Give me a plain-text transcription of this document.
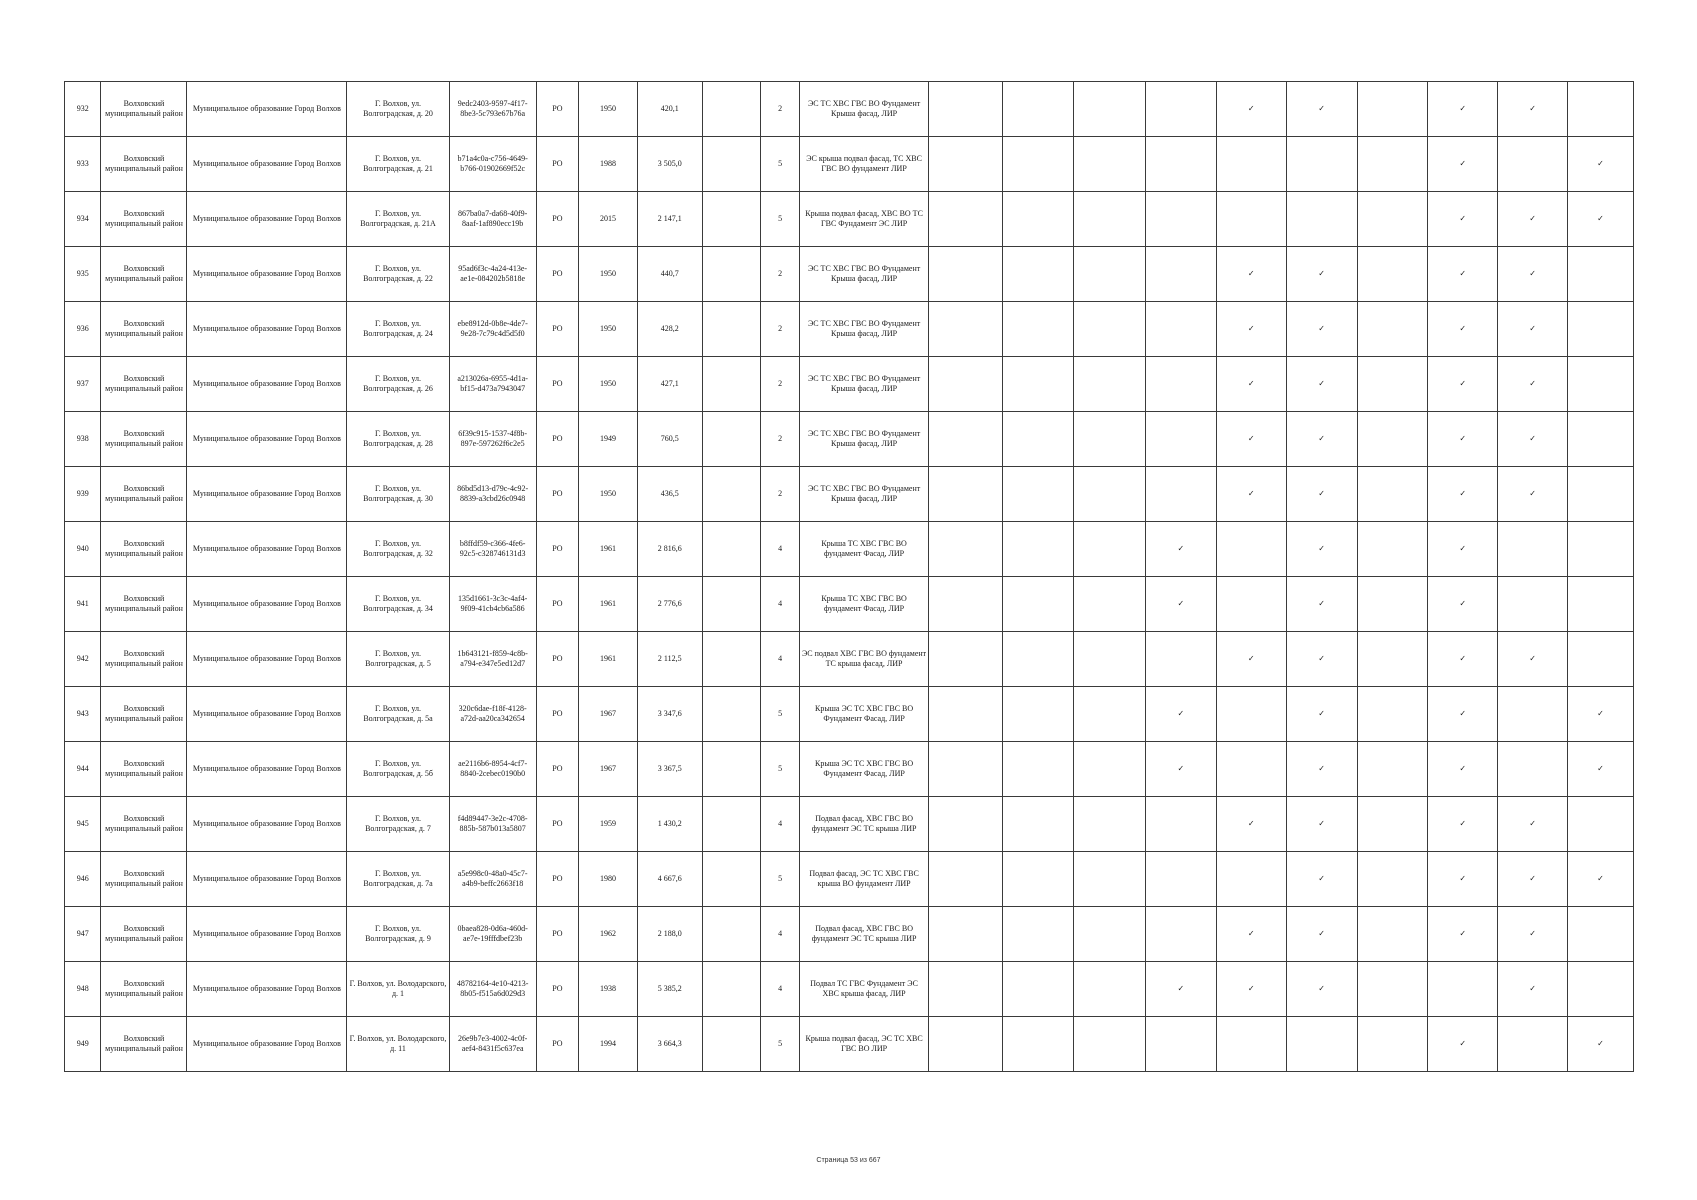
932	Волховский муниципальный район	Муниципальное образование Город Волхов	Г. Волхов, ул. Волгоградская, д. 20	9edc2403-9597-4f17-8be3-5c793e67b76a	РО	1950	420,1		2	ЭС ТС ХВС ГВС ВО Фундамент Крыша фасад, ЛИР					✓	✓		✓	✓	
933	Волховский муниципальный район	Муниципальное образование Город Волхов	Г. Волхов, ул. Волгоградская, д. 21	b71a4c0a-c756-4649-b766-01902669f52c	РО	1988	3 505,0		5	ЭС крыша подвал фасад, ТС ХВС ГВС ВО фундамент ЛИР								✓		✓
934	Волховский муниципальный район	Муниципальное образование Город Волхов	Г. Волхов, ул. Волгоградская, д. 21А	867ba0a7-da68-40f9-8aaf-1af890ecc19b	РО	2015	2 147,1		5	Крыша подвал фасад, ХВС ВО ТС ГВС Фундамент ЭС ЛИР								✓	✓	✓
935	Волховский муниципальный район	Муниципальное образование Город Волхов	Г. Волхов, ул. Волгоградская, д. 22	95ad6f3c-4a24-413e-ae1e-084202b5818e	РО	1950	440,7		2	ЭС ТС ХВС ГВС ВО Фундамент Крыша фасад, ЛИР					✓	✓		✓	✓	
936	Волховский муниципальный район	Муниципальное образование Город Волхов	Г. Волхов, ул. Волгоградская, д. 24	ebe8912d-0b8e-4de7-9e28-7c79c4d5d5f0	РО	1950	428,2		2	ЭС ТС ХВС ГВС ВО Фундамент Крыша фасад, ЛИР					✓	✓		✓	✓	
937	Волховский муниципальный район	Муниципальное образование Город Волхов	Г. Волхов, ул. Волгоградская, д. 26	a213026a-6955-4d1a-bf15-d473a7943047	РО	1950	427,1		2	ЭС ТС ХВС ГВС ВО Фундамент Крыша фасад, ЛИР					✓	✓		✓	✓	
938	Волховский муниципальный район	Муниципальное образование Город Волхов	Г. Волхов, ул. Волгоградская, д. 28	6f39c915-1537-4f8b-897e-597262f6c2e5	РО	1949	760,5		2	ЭС ТС ХВС ГВС ВО Фундамент Крыша фасад, ЛИР					✓	✓		✓	✓	
939	Волховский муниципальный район	Муниципальное образование Город Волхов	Г. Волхов, ул. Волгоградская, д. 30	86bd5d13-d79c-4c92-8839-a3cbd26c0948	РО	1950	436,5		2	ЭС ТС ХВС ГВС ВО Фундамент Крыша фасад, ЛИР					✓	✓		✓	✓	
940	Волховский муниципальный район	Муниципальное образование Город Волхов	Г. Волхов, ул. Волгоградская, д. 32	b8ffdf59-c366-4fe6-92c5-c328746131d3	РО	1961	2 816,6		4	Крыша ТС ХВС ГВС ВО фундамент Фасад, ЛИР				✓		✓		✓		
941	Волховский муниципальный район	Муниципальное образование Город Волхов	Г. Волхов, ул. Волгоградская, д. 34	135d1661-3c3c-4af4-9f09-41cb4cb6a586	РО	1961	2 776,6		4	Крыша ТС ХВС ГВС ВО фундамент Фасад, ЛИР				✓		✓		✓		
942	Волховский муниципальный район	Муниципальное образование Город Волхов	Г. Волхов, ул. Волгоградская, д. 5	1b643121-f859-4c8b-a794-e347e5ed12d7	РО	1961	2 112,5		4	ЭС подвал ХВС ГВС ВО фундамент ТС крыша фасад, ЛИР					✓	✓		✓	✓	
943	Волховский муниципальный район	Муниципальное образование Город Волхов	Г. Волхов, ул. Волгоградская, д. 5а	320c6dae-f18f-4128-a72d-aa20ca342654	РО	1967	3 347,6		5	Крыша ЭС ТС ХВС ГВС ВО Фундамент Фасад, ЛИР				✓		✓		✓		✓
944	Волховский муниципальный район	Муниципальное образование Город Волхов	Г. Волхов, ул. Волгоградская, д. 5б	ae2116b6-8954-4cf7-8840-2cebec0190b0	РО	1967	3 367,5		5	Крыша ЭС ТС ХВС ГВС ВО Фундамент Фасад, ЛИР				✓		✓		✓		✓
945	Волховский муниципальный район	Муниципальное образование Город Волхов	Г. Волхов, ул. Волгоградская, д. 7	f4d89447-3e2c-4708-885b-587b013a5807	РО	1959	1 430,2		4	Подвал фасад, ХВС ГВС ВО фундамент ЭС ТС крыша ЛИР					✓	✓		✓	✓	
946	Волховский муниципальный район	Муниципальное образование Город Волхов	Г. Волхов, ул. Волгоградская, д. 7а	a5e998c0-48a0-45c7-a4b9-beffc2663f18	РО	1980	4 667,6		5	Подвал фасад, ЭС ТС ХВС ГВС крыша ВО фундамент ЛИР						✓		✓	✓	✓
947	Волховский муниципальный район	Муниципальное образование Город Волхов	Г. Волхов, ул. Волгоградская, д. 9	0baea828-0d6a-460d-ae7e-19fffdbef23b	РО	1962	2 188,0		4	Подвал фасад, ХВС ГВС ВО фундамент ЭС ТС крыша ЛИР					✓	✓		✓	✓	
948	Волховский муниципальный район	Муниципальное образование Город Волхов	Г. Волхов, ул. Володарского, д. 1	48782164-4e10-4213-8b05-f515a6d029d3	РО	1938	5 385,2		4	Подвал ТС ГВС Фундамент ЭС ХВС крыша фасад, ЛИР				✓	✓	✓			✓	
949	Волховский муниципальный район	Муниципальное образование Город Волхов	Г. Волхов, ул. Володарского, д. 11	26e9b7e3-4002-4c0f-aef4-8431f5c637ea	РО	1994	3 664,3		5	Крыша подвал фасад, ЭС ТС ХВС ГВС ВО ЛИР								✓		✓
Страница 53 из 667
